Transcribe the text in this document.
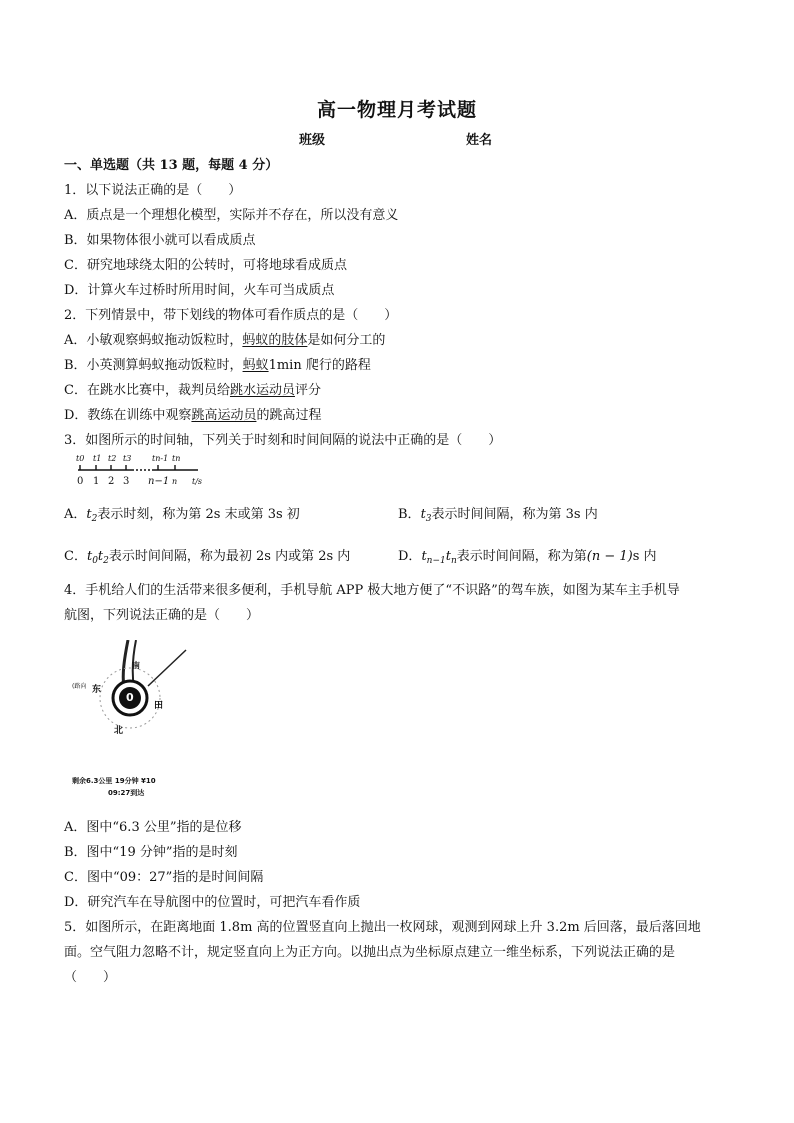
高一物理月考试题
班级	姓名
一、单选题（共 13 题，每题 4 分）
1．以下说法正确的是（　　）
A．质点是一个理想化模型，实际并不存在，所以没有意义
B．如果物体很小就可以看成质点
C．研究地球绕太阳的公转时，可将地球看成质点
D．计算火车过桥时所用时间，火车可当成质点
2．下列情景中，带下划线的物体可看作质点的是（　　）
A．小敏观察蚂蚁拖动饭粒时，蚂蚁的肢体是如何分工的
B．小英测算蚂蚁拖动饭粒时，蚂蚁1min 爬行的路程
C．在跳水比赛中，裁判员给跳水运动员评分
D．教练在训练中观察跳高运动员的跳高过程
3．如图所示的时间轴，下列关于时刻和时间间隔的说法中正确的是（　　）
t0 t1 t2 t3	tn-1 tn
0 1 2 3 n−1 n t/s
A．$t_2$表示时刻，称为第 2s 末或第 3s 初	B．$t_3$表示时间间隔，称为第 3s 内
C．$t_0t_2$表示时间间隔，称为最初 2s 内或第 2s 内	D．$t_{n-1}t_n$表示时间间隔，称为第(n − 1)s 内
4．手机给人们的生活带来很多便利，手机导航 APP 极大地方便了“不识路”的驾车族，如图为某车主手机导
航图，下列说法正确的是（　　）
0
(路向 东
南
田
北
剩余6.3公里 19分钟 ¥10
09:27到达
A．图中“6.3 公里”指的是位移
B．图中“19 分钟”指的是时刻
C．图中“09：27”指的是时间间隔
D．研究汽车在导航图中的位置时，可把汽车看作质
5．如图所示，在距离地面 1.8m 高的位置竖直向上抛出一枚网球，观测到网球上升 3.2m 后回落，最后落回地
面。空气阻力忽略不计，规定竖直向上为正方向。以抛出点为坐标原点建立一维坐标系，下列说法正确的是
（　　）
